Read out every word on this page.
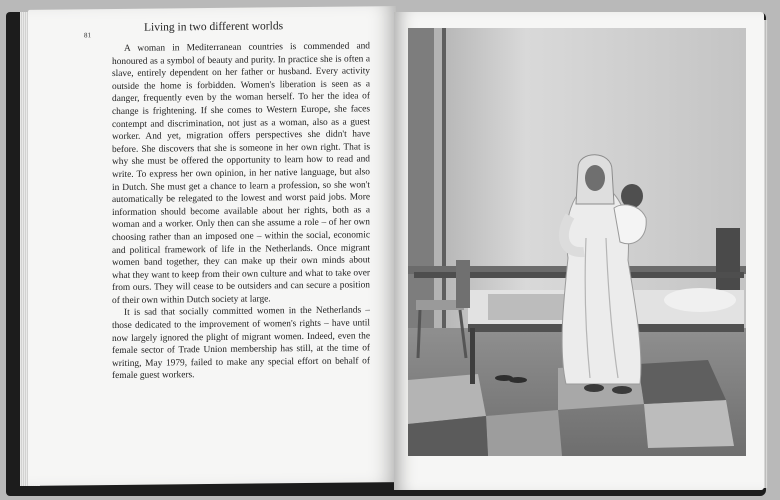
81
Living in two different worlds

A woman in Mediterranean countries is commended and honoured as a symbol of beauty and purity. In practice she is often a slave, entirely dependent on her father or husband. Every activity outside the home is forbidden. Women's liberation is seen as a danger, frequently even by the woman herself. To her the idea of change is frightening. If she comes to Western Europe, she faces contempt and discrimination, not just as a woman, also as a guest worker. And yet, migration offers perspectives she didn't have before. She discovers that she is someone in her own right. That is why she must be offered the opportunity to learn how to read and write. To express her own opinion, in her native language, but also in Dutch. She must get a chance to learn a profession, so she won't automatically be relegated to the lowest and worst paid jobs. More information should become available about her rights, both as a woman and a worker. Only then can she assume a role – of her own choosing rather than an imposed one – within the social, economic and political framework of life in the Netherlands. Once migrant women band together, they can make up their own minds about what they want to keep from their own culture and what to take over from ours. They will cease to be outsiders and can secure a position of their own within Dutch society at large.

It is sad that socially committed women in the Netherlands – those dedicated to the improvement of women's rights – have until now largely ignored the plight of migrant women. Indeed, even the female sector of Trade Union membership has still, at the time of writing, May 1979, failed to make any special effort on behalf of female guest workers.
